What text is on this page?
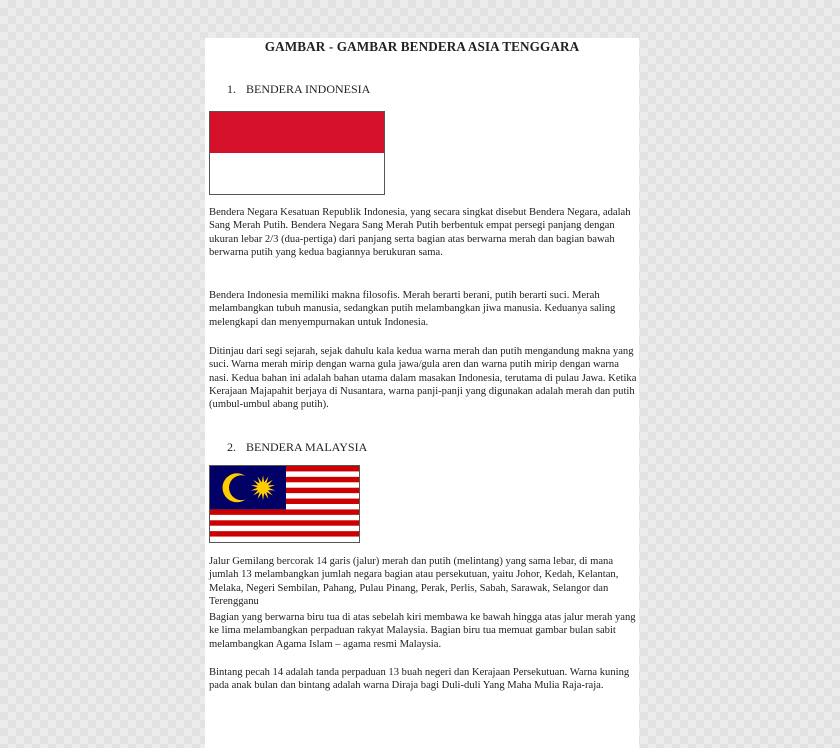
GAMBAR - GAMBAR BENDERA ASIA TENGGARA
1. BENDERA INDONESIA
Bendera Negara Kesatuan Republik Indonesia, yang secara singkat disebut Bendera Negara, adalah Sang Merah Putih. Bendera Negara Sang Merah Putih berbentuk empat persegi panjang dengan ukuran lebar 2/3 (dua-pertiga) dari panjang serta bagian atas berwarna merah dan bagian bawah berwarna putih yang kedua bagiannya berukuran sama.
Bendera Indonesia memiliki makna filosofis. Merah berarti berani, putih berarti suci. Merah melambangkan tubuh manusia, sedangkan putih melambangkan jiwa manusia. Keduanya saling melengkapi dan menyempurnakan untuk Indonesia.
Ditinjau dari segi sejarah, sejak dahulu kala kedua warna merah dan putih mengandung makna yang suci. Warna merah mirip dengan warna gula jawa/gula aren dan warna putih mirip dengan warna nasi. Kedua bahan ini adalah bahan utama dalam masakan Indonesia, terutama di pulau Jawa. Ketika Kerajaan Majapahit berjaya di Nusantara, warna panji-panji yang digunakan adalah merah dan putih (umbul-umbul abang putih).
2. BENDERA MALAYSIA
Jalur Gemilang bercorak 14 garis (jalur) merah dan putih (melintang) yang sama lebar, di mana jumlah 13 melambangkan jumlah negara bagian atau persekutuan, yaitu Johor, Kedah, Kelantan, Melaka, Negeri Sembilan, Pahang, Pulau Pinang, Perak, Perlis, Sabah, Sarawak, Selangor dan Terengganu
Bagian yang berwarna biru tua di atas sebelah kiri membawa ke bawah hingga atas jalur merah yang ke lima melambangkan perpaduan rakyat Malaysia. Bagian biru tua memuat gambar bulan sabit melambangkan Agama Islam – agama resmi Malaysia.
Bintang pecah 14 adalah tanda perpaduan 13 buah negeri dan Kerajaan Persekutuan. Warna kuning pada anak bulan dan bintang adalah warna Diraja bagi Duli-duli Yang Maha Mulia Raja-raja.
